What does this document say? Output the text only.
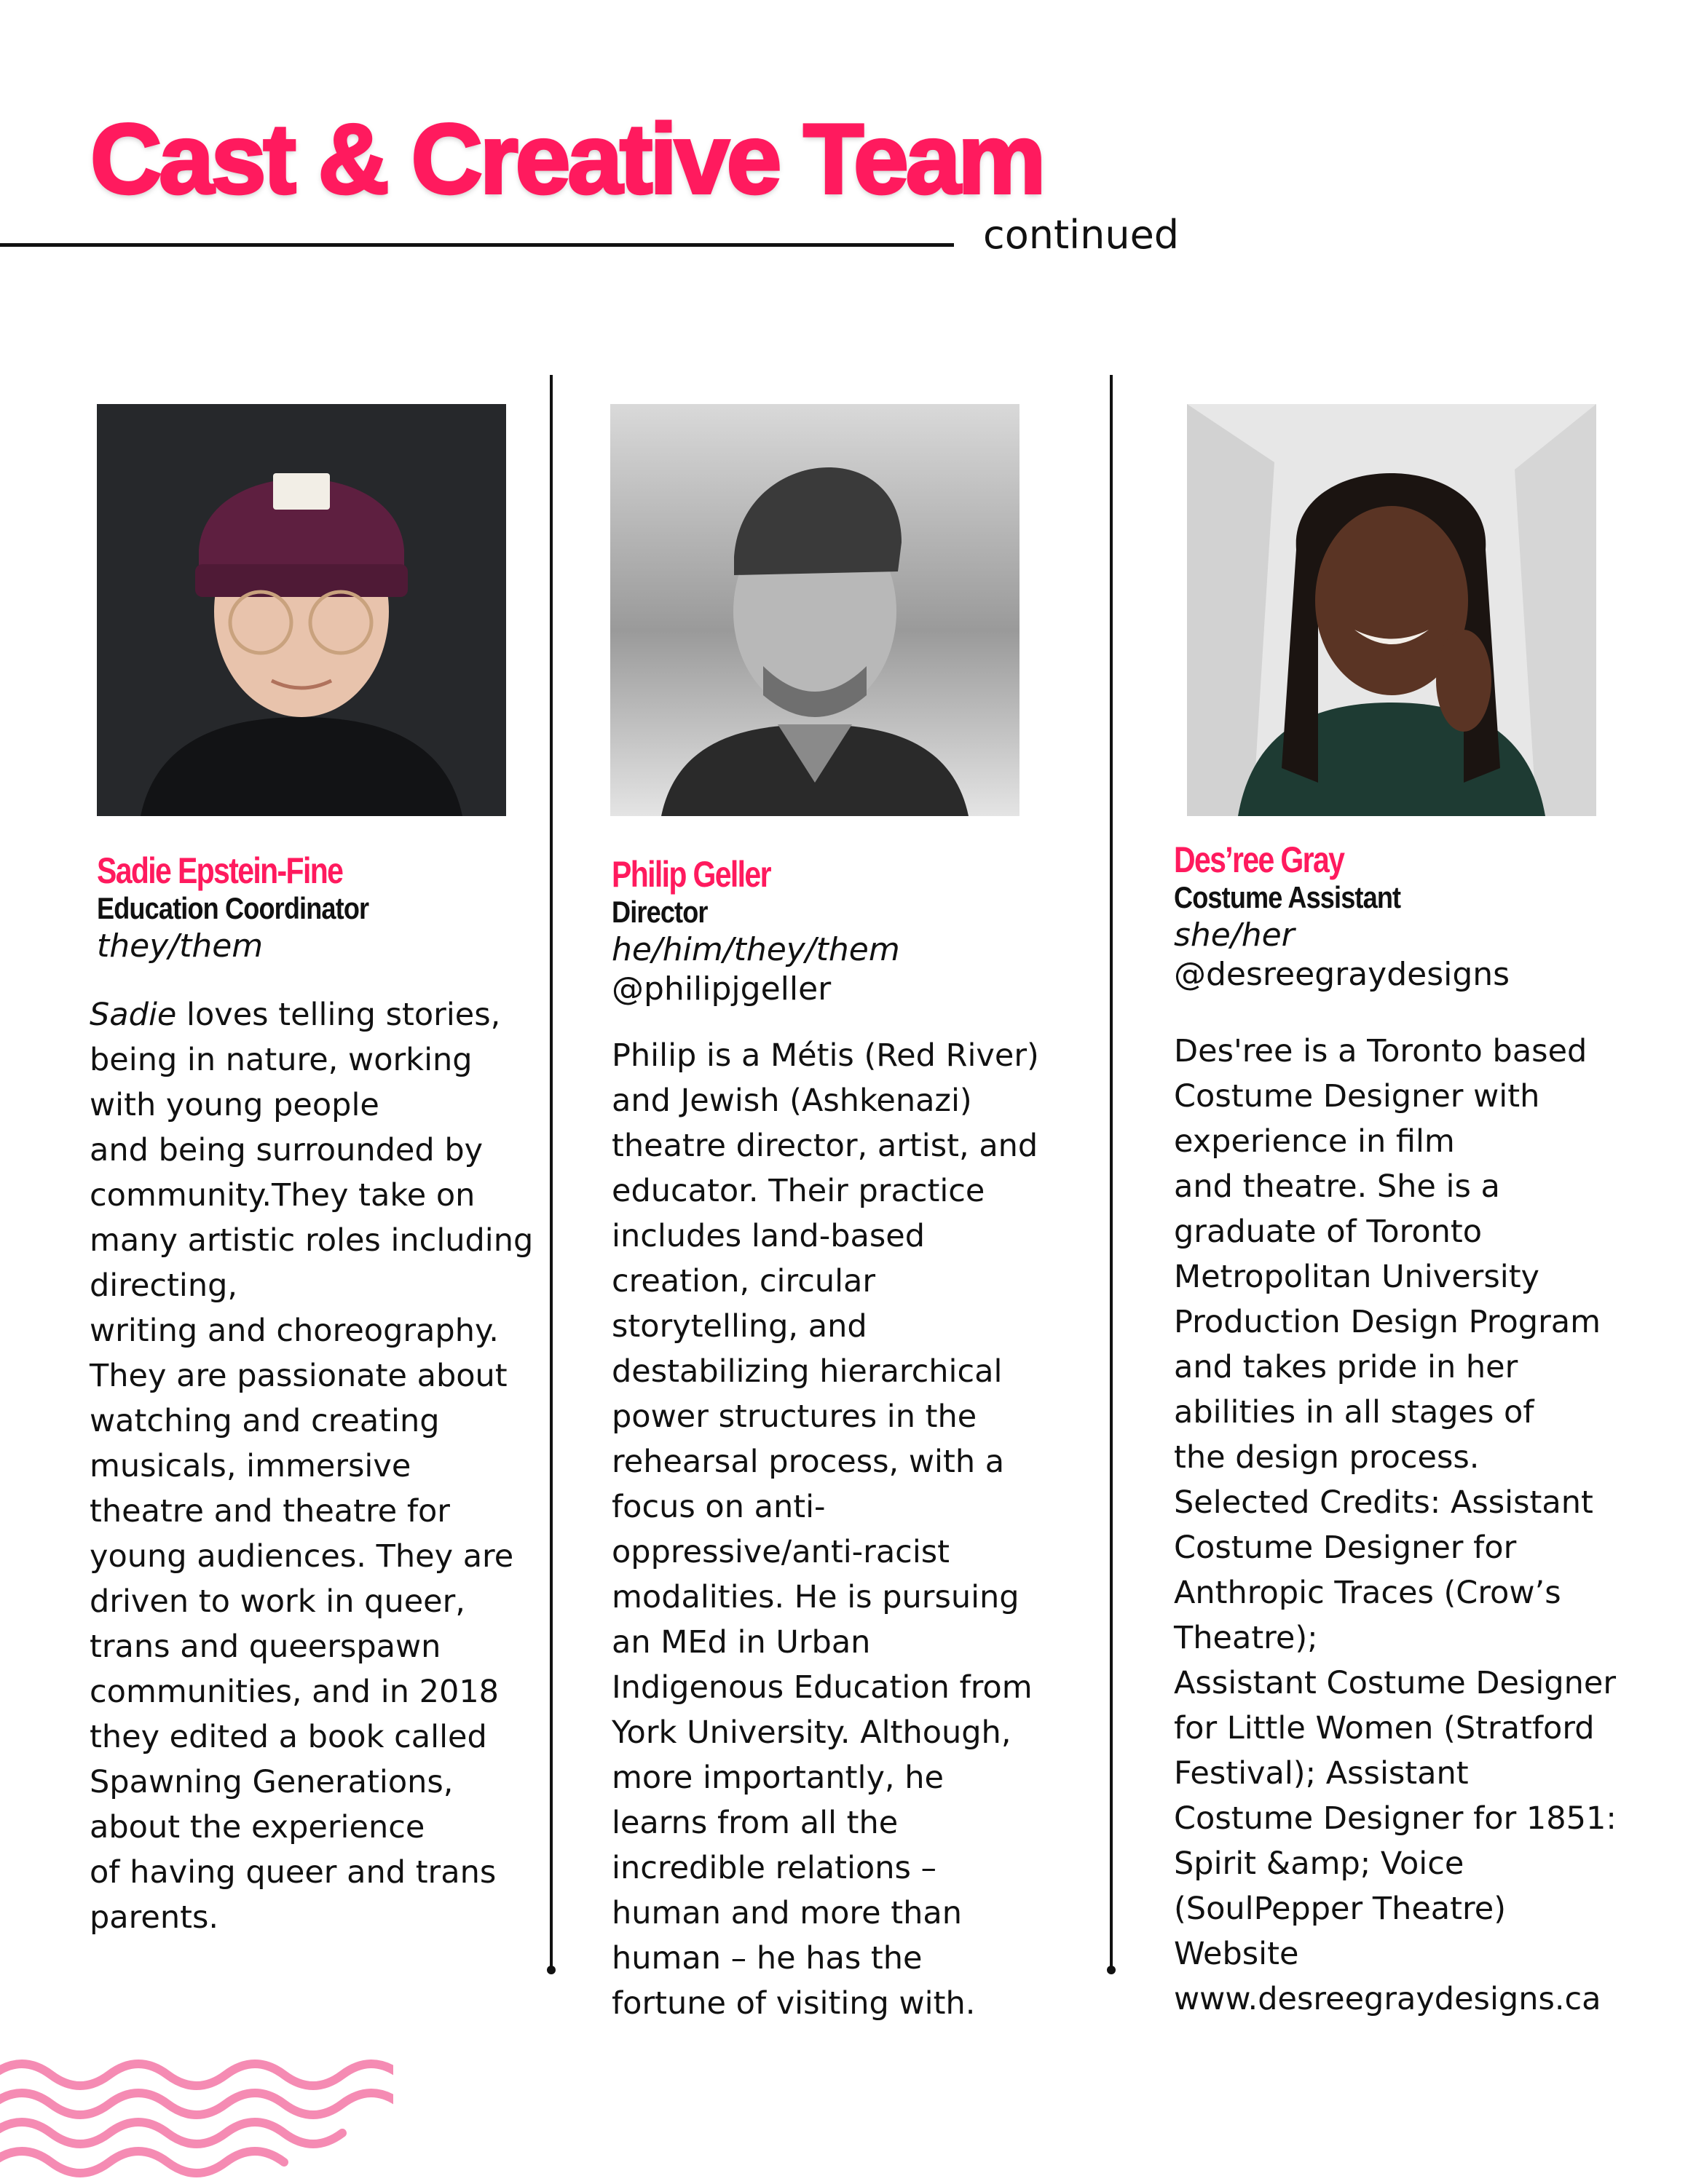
Cast & Creative Team
continued
Sadie Epstein-Fine
Education Coordinator
they/them
Sadie loves telling stories,
being in nature, working
with young people
and being surrounded by
community.They take on
many artistic roles including
directing,
writing and choreography.
They are passionate about
watching and creating
musicals, immersive
theatre and theatre for
young audiences. They are
driven to work in queer,
trans and queerspawn
communities, and in 2018
they edited a book called
Spawning Generations,
about the experience
of having queer and trans
parents.
Philip Geller
Director
he/him/they/them
@philipjgeller
Philip is a Métis (Red River)
and Jewish (Ashkenazi)
theatre director, artist, and
educator. Their practice
includes land-based
creation, circular
storytelling, and
destabilizing hierarchical
power structures in the
rehearsal process, with a
focus on anti-
oppressive/anti-racist
modalities. He is pursuing
an MEd in Urban
Indigenous Education from
York University. Although,
more importantly, he
learns from all the
incredible relations –
human and more than
human – he has the
fortune of visiting with.
Des’ree Gray
Costume Assistant
she/her
@desreegraydesigns
Des'ree is a Toronto based
Costume Designer with
experience in film
and theatre. She is a
graduate of Toronto
Metropolitan University
Production Design Program
and takes pride in her
abilities in all stages of
the design process.
Selected Credits: Assistant
Costume Designer for
Anthropic Traces (Crow’s
Theatre);
Assistant Costume Designer
for Little Women (Stratford
Festival); Assistant
Costume Designer for 1851:
Spirit &amp; Voice
(SoulPepper Theatre)
Website
www.desreegraydesigns.ca
